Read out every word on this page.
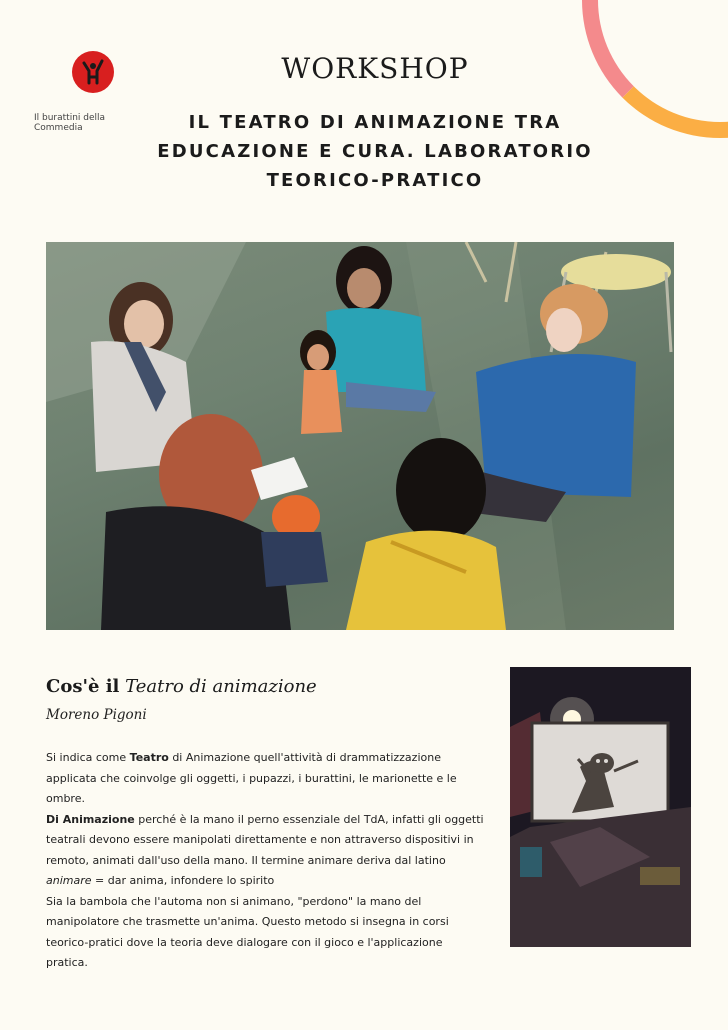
Il burattini della Commedia
WORKSHOP
IL TEATRO DI ANIMAZIONE TRA
EDUCAZIONE E CURA. LABORATORIO
TEORICO-PRATICO
Cos'è il Teatro di animazione
Moreno Pigoni

Si indica come Teatro di Animazione quell'attività di drammatizzazione applicata che coinvolge gli oggetti, i pupazzi, i burattini, le marionette e le ombre.

Di Animazione perché è la mano il perno essenziale del TdA, infatti gli oggetti teatrali devono essere manipolati direttamente e non attraverso dispositivi in remoto, animati dall'uso della mano. Il termine animare deriva dal latino

animare = dar anima, infondere lo spirito

Sia la bambola che l'automa non si animano, "perdono" la mano del manipolatore che trasmette un'anima. Questo metodo si insegna in corsi teorico-pratici dove la teoria deve dialogare con il gioco e l'applicazione pratica.
